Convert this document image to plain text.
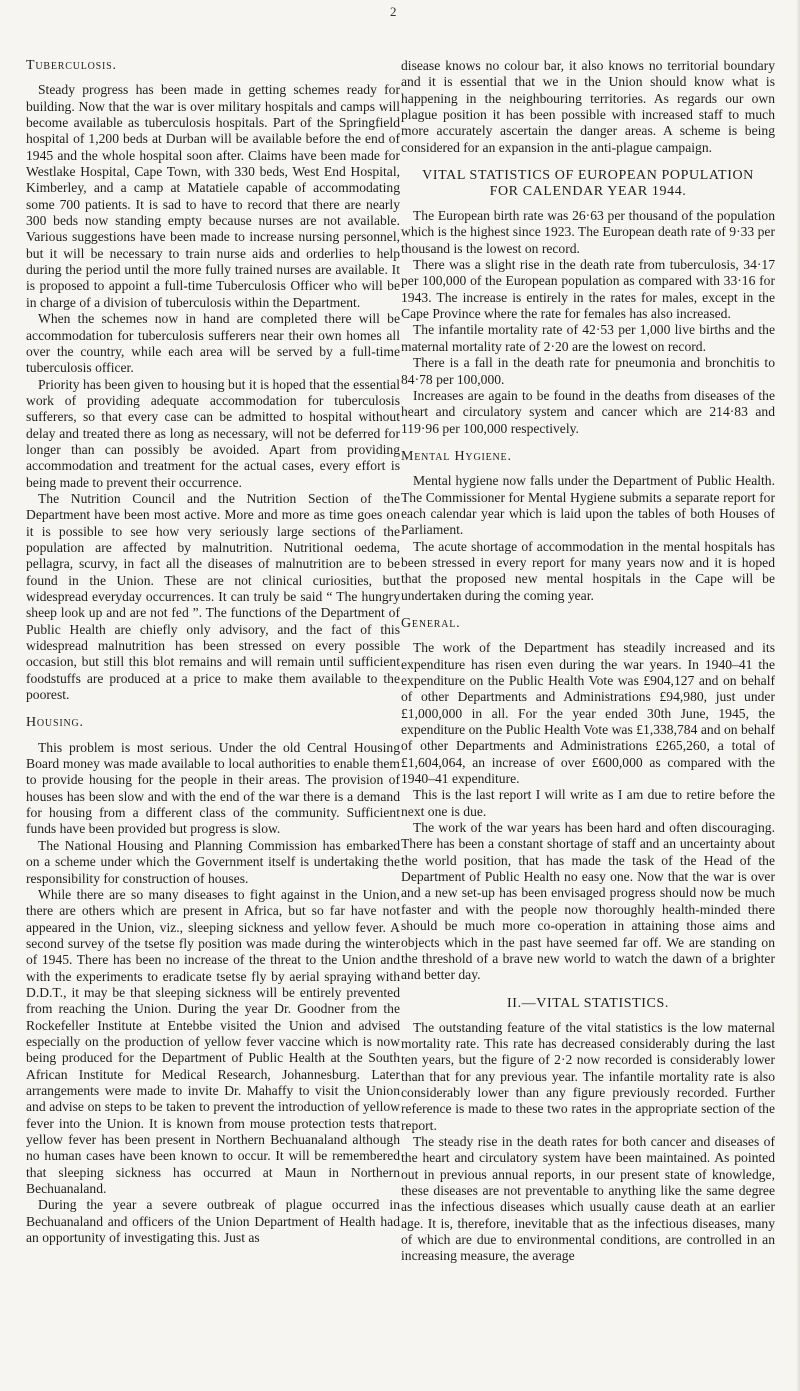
2
Tuberculosis.

Steady progress has been made in getting schemes ready for building. Now that the war is over military hospitals and camps will become available as tuberculosis hospitals. Part of the Springfield hospital of 1,200 beds at Durban will be available before the end of 1945 and the whole hospital soon after. Claims have been made for Westlake Hospital, Cape Town, with 330 beds, West End Hospital, Kimberley, and a camp at Matatiele capable of accommodating some 700 patients. It is sad to have to record that there are nearly 300 beds now standing empty because nurses are not available. Various suggestions have been made to increase nursing personnel, but it will be necessary to train nurse aids and orderlies to help during the period until the more fully trained nurses are available. It is proposed to appoint a full-time Tuberculosis Officer who will be in charge of a division of tuberculosis within the Department.

When the schemes now in hand are completed there will be accommodation for tuberculosis sufferers near their own homes all over the country, while each area will be served by a full-time tuberculosis officer.

Priority has been given to housing but it is hoped that the essential work of providing adequate accommodation for tuberculosis sufferers, so that every case can be admitted to hospital without delay and treated there as long as necessary, will not be deferred for longer than can possibly be avoided. Apart from providing accommodation and treatment for the actual cases, every effort is being made to prevent their occurrence.

The Nutrition Council and the Nutrition Section of the Department have been most active. More and more as time goes on it is possible to see how very seriously large sections of the population are affected by malnutrition. Nutritional oedema, pellagra, scurvy, in fact all the diseases of malnutrition are to be found in the Union. These are not clinical curiosities, but widespread everyday occurrences. It can truly be said “ The hungry sheep look up and are not fed ”. The functions of the Department of Public Health are chiefly only advisory, and the fact of this widespread malnutrition has been stressed on every possible occasion, but still this blot remains and will remain until sufficient foodstuffs are produced at a price to make them available to the poorest.

Housing.

This problem is most serious. Under the old Central Housing Board money was made available to local authorities to enable them to provide housing for the people in their areas. The provision of houses has been slow and with the end of the war there is a demand for housing from a different class of the community. Sufficient funds have been provided but progress is slow.

The National Housing and Planning Commission has embarked on a scheme under which the Government itself is undertaking the responsibility for construction of houses.

While there are so many diseases to fight against in the Union, there are others which are present in Africa, but so far have not appeared in the Union, viz., sleeping sickness and yellow fever. A second survey of the tsetse fly position was made during the winter of 1945. There has been no increase of the threat to the Union and with the experiments to eradicate tsetse fly by aerial spraying with D.D.T., it may be that sleeping sickness will be entirely prevented from reaching the Union. During the year Dr. Goodner from the Rockefeller Institute at Entebbe visited the Union and advised especially on the production of yellow fever vaccine which is now being produced for the Department of Public Health at the South African Institute for Medical Research, Johannesburg. Later arrangements were made to invite Dr. Mahaffy to visit the Union and advise on steps to be taken to prevent the introduction of yellow fever into the Union. It is known from mouse protection tests that yellow fever has been present in Northern Bechuanaland although no human cases have been known to occur. It will be remembered that sleeping sickness has occurred at Maun in Northern Bechuanaland.

During the year a severe outbreak of plague occurred in Bechuanaland and officers of the Union Department of Health had an opportunity of investigating this. Just as

disease knows no colour bar, it also knows no territorial boundary and it is essential that we in the Union should know what is happening in the neighbouring territories. As regards our own plague position it has been possible with increased staff to much more accurately ascertain the danger areas. A scheme is being considered for an expansion in the anti-plague campaign.

VITAL STATISTICS OF EUROPEAN POPULATION FOR CALENDAR YEAR 1944.

The European birth rate was 26·63 per thousand of the population which is the highest since 1923. The European death rate of 9·33 per thousand is the lowest on record.

There was a slight rise in the death rate from tuberculosis, 34·17 per 100,000 of the European population as compared with 33·16 for 1943. The increase is entirely in the rates for males, except in the Cape Province where the rate for females has also increased.

The infantile mortality rate of 42·53 per 1,000 live births and the maternal mortality rate of 2·20 are the lowest on record.

There is a fall in the death rate for pneumonia and bronchitis to 84·78 per 100,000.

Increases are again to be found in the deaths from diseases of the heart and circulatory system and cancer which are 214·83 and 119·96 per 100,000 respectively.

Mental Hygiene.

Mental hygiene now falls under the Department of Public Health. The Commissioner for Mental Hygiene submits a separate report for each calendar year which is laid upon the tables of both Houses of Parliament.

The acute shortage of accommodation in the mental hospitals has been stressed in every report for many years now and it is hoped that the proposed new mental hospitals in the Cape will be undertaken during the coming year.

General.

The work of the Department has steadily increased and its expenditure has risen even during the war years. In 1940–41 the expenditure on the Public Health Vote was £904,127 and on behalf of other Departments and Administrations £94,980, just under £1,000,000 in all. For the year ended 30th June, 1945, the expenditure on the Public Health Vote was £1,338,784 and on behalf of other Departments and Administrations £265,260, a total of £1,604,064, an increase of over £600,000 as compared with the 1940–41 expenditure.

This is the last report I will write as I am due to retire before the next one is due.

The work of the war years has been hard and often discouraging. There has been a constant shortage of staff and an uncertainty about the world position, that has made the task of the Head of the Department of Public Health no easy one. Now that the war is over and a new set-up has been envisaged progress should now be much faster and with the people now thoroughly health-minded there should be much more co-operation in attaining those aims and objects which in the past have seemed far off. We are standing on the threshold of a brave new world to watch the dawn of a brighter and better day.

II.—VITAL STATISTICS.

The outstanding feature of the vital statistics is the low maternal mortality rate. This rate has decreased considerably during the last ten years, but the figure of 2·2 now recorded is considerably lower than that for any previous year. The infantile mortality rate is also considerably lower than any figure previously recorded. Further reference is made to these two rates in the appropriate section of the report.

The steady rise in the death rates for both cancer and diseases of the heart and circulatory system have been maintained. As pointed out in previous annual reports, in our present state of knowledge, these diseases are not preventable to anything like the same degree as the infectious diseases which usually cause death at an earlier age. It is, therefore, inevitable that as the infectious diseases, many of which are due to environmental conditions, are controlled in an increasing measure, the average
